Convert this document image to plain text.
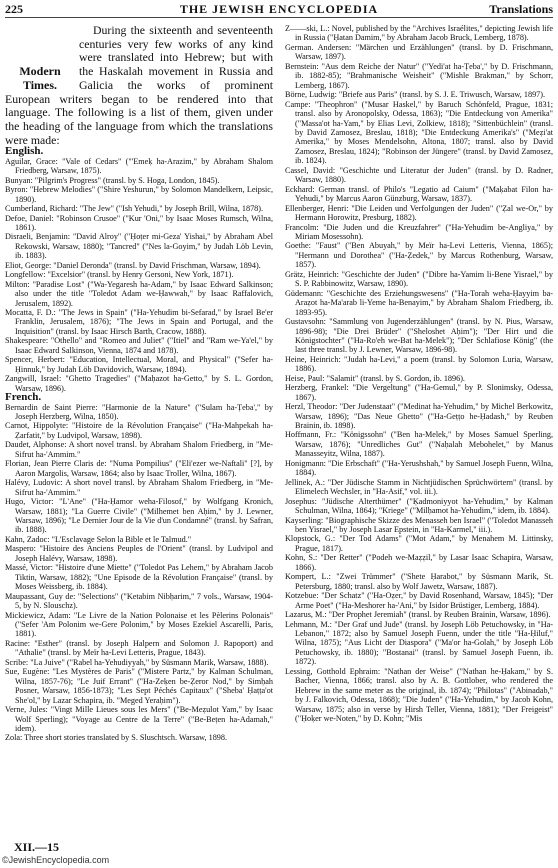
225	THE JEWISH ENCYCLOPEDIA	Translations
Modern Times.

During the sixteenth and seventeenth centuries very few works of any kind were translated into Hebrew; but with the Haskalah movement in Russia and Galicia the works of prominent European writers began to be rendered into that language. The following is a list of them, given under the heading of the language from which the translations were made:

English.

Aguilar, Grace: "Vale of Cedars" ("'Emeḳ ha-Arazim," by Abraham Shalom Friedberg, Warsaw, 1875).

Bunyan: "Pilgrim's Progress" (transl. by S. Hoga, London, 1845).

Byron: "Hebrew Melodies" ("Shire Yeshurun," by Solomon Mandelkern, Leipsic, 1890).

Cumberland, Richard: "The Jew" ("Ish Yehudi," by Joseph Brill, Wilna, 1878).

Defoe, Daniel: "Robinson Crusoe" ("Kur 'Oni," by Isaac Moses Rumsch, Wilna, 1861).

Disraeli, Benjamin: "David Alroy" ("Ḥoṭer mi-Geza' Yishai," by Abraham Abel Rekowski, Warsaw, 1880); "Tancred" ("Nes la-Goyim," by Judah Löb Levin, ib. 1883).

Eliot, George: "Daniel Deronda" (transl. by David Frischman, Warsaw, 1894).

Longfellow: "Excelsior" (transl. by Henry Gersoni, New York, 1871).

Milton: "Paradise Lost" ("Wa-Yegaresh ha-Adam," by Isaac Edward Salkinson; also under the title "Toledot Adam we-Ḥawwah," by Isaac Raffalovich, Jerusalem, 1892).

Mocatta, F. D.: "The Jews in Spain" ("Ha-Yehudim bi-Sefarad," by Israel Be'er Franklin, Jerusalem, 1876); "The Jews in Spain and Portugal, and the Inquisition" (transl. by Isaac Hirsch Barth, Cracow, 1888).

Shakespeare: "Othello" and "Romeo and Juliet" ("Itiel" and "Ram we-Ya'el," by Isaac Edward Salkinson, Vienna, 1874 and 1878).

Spencer, Herbert: "Education, Intellectual, Moral, and Physical" ("Sefer ha-Ḥinnuk," by Judah Löb Davidovich, Warsaw, 1894).

Zangwill, Israel: "Ghetto Tragedies" ("Maḥazot ha-Getto," by S. L. Gordon, Warsaw, 1896).

French.

Bernardin de Saint Pierre: "Harmonie de la Nature" ("Sulam ha-Ṭeba'," by Joseph Herzberg, Wilna, 1850).

Carnot, Hippolyte: "Histoire de la Révolution Française" ("Ha-Mahpekah ha-Ẓarfatit," by Ludvipol, Warsaw, 1898).

Daudet, Alphonse: A short novel transl. by Abraham Shalom Friedberg, in "Me-Sifrut ha-'Ammim."

Florian, Jean Pierre Claris de: "Numa Pompilius" ("Eli'ezer we-Naftali" [?], by Aaron Margolis, Warsaw, 1864; also by Isaac Troller, Wilna, 1867).

Halévy, Ludovic: A short novel transl. by Abraham Shalom Friedberg, in "Me-Sifrut ha-'Ammim."

Hugo, Victor: "L'Ane" ("Ha-Ḥamor weha-Filosof," by Wolfgang Kronich, Warsaw, 1881); "La Guerre Civile" ("Milhemet ben Aḥim," by J. Lewner, Warsaw, 1896); "Le Dernier Jour de la Vie d'un Condamné" (transl. by Safran, ib. 1888).

Kahn, Zadoc: "L'Esclavage Selon la Bible et le Talmud."

Maspero: "Histoire des Anciens Peuples de l'Orient" (transl. by Ludvipol and Joseph Halévy, Warsaw, 1898).

Massé, Victor: "Histoire d'une Miette" ("Toledot Pas Lehem," by Abraham Jacob Tiktin, Warsaw, 1882); "Une Episode de la Révolution Française" (transl. by Moses Weissberg, ib. 1884).

Maupassant, Guy de: "Selections" ("Ketabim Nibḥarim," 7 vols., Warsaw, 1904-5, by N. Slouschz).

Mickiewicz, Adam: "Le Livre de la Nation Polonaise et les Pèlerins Polonais" ("Sefer 'Am Polonim we-Gere Polonim," by Moses Ezekiel Ascarelli, Paris, 1881).

Racine: "Esther" (transl. by Joseph Halpern and Solomon J. Rapoport) and "Athalie" (transl. by Meïr ha-Levi Letteris, Prague, 1843).

Scribe: "La Juive" ("Rabel ha-Yehudiyyah," by Süsmann Marik, Warsaw, 1888).

Sue, Eugène: "Les Mystères de Paris" ("Mistere Partz," by Kalman Schulman, Wilna, 1857-76); "Le Juif Errant" ("Ha-Zeḳen be-Ẓeror Nod," by Simḥah Posner, Warsaw, 1856-1873); "Les Sept Péchés Capitaux" ("Sheba' Ḥaṭṭa'ot She'ol," by Lazar Schapira, ib. "Meged Yeraḥim").

Verne, Jules: "Vingt Mille Lieues sous les Mers" ("Be-Meẓulot Yam," by Isaac Wolf Sperling); "Voyage au Centre de la Terre" ("Be-Beṭen ha-Adamah," idem).

Zola: Three short stories translated by S. Sluschtsch. Warsaw, 1898.

Z——ski, L.: Novel, published by the "Archives Israélites," depicting Jewish life in Russia ("Ḥatan Damim," by Abraham Jacob Bruck, Lemberg, 1878).

German. Andersen: "Märchen und Erzählungen" (transl. by D. Frischmann, Warsaw, 1897).

Bernstein: "Aus dem Reiche der Natur" ("Yedi'at ha-Ṭeba'," by D. Frischmann, ib. 1882-85); "Brahmanische Weisheit" ("Mishle Brakman," by Schorr, Lemberg, 1867).

Börne, Ludwig: "Briefe aus Paris" (transl. by S. J. E. Triwusch, Warsaw, 1897).

Campe: "Theophron" ("Musar Haskel," by Baruch Schönfeld, Prague, 1831; transl. also by Aronopolsky, Odessa, 1863); "Die Entdeckung von Amerika" ("Massa'ot ha-Yam," by Elias Levi, Zolkiew, 1818); "Sittenbüchlein" (transl. by David Zamosez, Breslau, 1818); "Die Entdeckung Amerika's" ("Meẓi'at Amerika," by Moses Mendelsohn, Altona, 1807; transl. also by David Zamosez, Breslau, 1824); "Robinson der Jüngere" (transl. by David Zamosez, ib. 1824).

Cassel, David: "Geschichte und Literatur der Juden" (transl. by D. Radner, Warsaw, 1880).

Eckhard: German transl. of Philo's "Legatio ad Caium" ("Maḳabat Filon ha-Yehudi," by Marcus Aaron Günzburg, Warsaw, 1837).

Ellenberger, Henri: "Die Leiden und Verfolgungen der Juden" ("Ẓal we-Or," by Hermann Horowitz, Presburg, 1882).

Francolm: "Die Juden und die Kreuzfahrer" ("Ha-Yehudim be-Angliya," by Miriam Mosessohn).

Goethe: "Faust" ("Ben Abuyah," by Meïr ha-Levi Letteris, Vienna, 1865); "Hermann und Dorothea" ("Ha-Ẓedek," by Marcus Rothenburg, Warsaw, 1857).

Grätz, Heinrich: "Geschichte der Juden" ("Dibre ha-Yamim li-Bene Yisrael," by S. P. Rabbinowitz, Warsaw, 1890).

Güdemann: "Geschichte des Erziehungswesens" ("Ha-Torah weha-Ḥayyim ba-Araẓot ha-Ma'arab li-Yeme ha-Benayim," by Abraham Shalom Friedberg, ib. 1893-95).

Gustavsohn: "Sammlung von Jugenderzählungen" (transl. by N. Pius, Warsaw, 1896-98); "Die Drei Brüder" ("Sheloshet Aḥim"); "Der Hirt und die Königstochter" ("Ha-Ro'eh we-Bat ha-Melek"); "Der Schlafiose König" (the last three transl. by J. Lewner, Warsaw, 1896-98).

Heine, Heinrich: "Judah ha-Levi," a poem (transl. by Solomon Luria, Warsaw, 1886).

Heise, Paul: "Salamit" (transl. by S. Gordon, ib. 1896).

Herzberg, Frankel: "Die Vergeltung" ("Ha-Gemul," by P. Slonimsky, Odessa, 1867).

Herzl, Theodor: "Der Judenstaat" ("Medinat ha-Yehudim," by Michel Berkowitz, Warsaw, 1896); "Das Neue Ghetto" ("Ha-Geṭṭo he-Ḥadash," by Reuben Brainin, ib. 1898).

Hoffmann, Fr.: "Königssohn" ("Ben ha-Melek," by Moses Samuel Sperling, Warsaw, 1876); "Unredliches Gut" ("Naḥalah Mebohelet," by Manus Manasseyitz, Wilna, 1887).

Honigmann: "Die Erbschaft" ("Ha-Yerushshah," by Samuel Joseph Fuenn, Wilna, 1884).

Jellinek, A.: "Der Jüdische Stamm in Nichtjüdischen Sprüchwörtern" (transl. by Elimelech Wechsler, in "Ha-Asif," vol. iii.).

Josephus: "Jüdische Alterthümer" ("Ḳadmoniyyot ha-Yehudim," by Kalman Schulman, Wilna, 1864); "Kriege" ("Milḥamot ha-Yehudim," idem, ib. 1884).

Kayserling: "Biographische Skizze des Menasseh ben Israel" ("Toledot Manasseh ben Yisrael," by Joseph Lasar Epstein, in "Ha-Karmel," iii.).

Klopstock, G.: "Der Tod Adams" ("Mot Adam," by Menahem M. Littinsky, Prague, 1817).

Kohn, S.: "Der Retter" ("Podeh we-Maẓẓil," by Lasar Isaac Schapira, Warsaw, 1866).

Kompert, L.: "Zwei Trümmer" ("Shete Ḥarabot," by Süsmann Marik, St. Petersburg, 1880; transl. also by Wolf Jawetz, Warsaw, 1887).

Kotzebue: "Der Schatz" ("Ha-Oẓer," by David Rosenhand, Warsaw, 1845); "Der Arme Poet" ("Ha-Meshorer ha-'Ani," by Isidor Brüstiger, Lemberg, 1884).

Lazarus, M.: "Der Prophet Jeremiah" (transl. by Reuben Brainin, Warsaw, 1896).

Lehmann, M.: "Der Graf und Jude" (transl. by Joseph Löb Petuchowsky, in "Ha-Lebanon," 1872; also by Samuel Joseph Fuenn, under the title "Ha-Ḥiluf," Wilna, 1875); "Aus Licht der Diaspora" ("Ma'or ha-Golah," by Joseph Löb Petuchowsky, ib. 1880); "Bostanai" (transl. by Samuel Joseph Fuenn, ib. 1872).

Lessing, Gotthold Ephraim: "Nathan der Weise" ("Nathan he-Ḥakam," by S. Bacher, Vienna, 1866; transl. also by A. B. Gottlober, who rendered the Hebrew in the same meter as the original, ib. 1874); "Philotas" ("Abinadab," by J. Falkovich, Odessa, 1868); "Die Juden" ("Ha-Yehudim," by Jacob Kohn, Warsaw, 1875; also in verse by Hirsh Teller, Vienna, 1881); "Der Freigeist" ("Ḥoḳer we-Noten," by D. Kohn; "Mis

XII.—15
©JewishEncyclopedia.com
